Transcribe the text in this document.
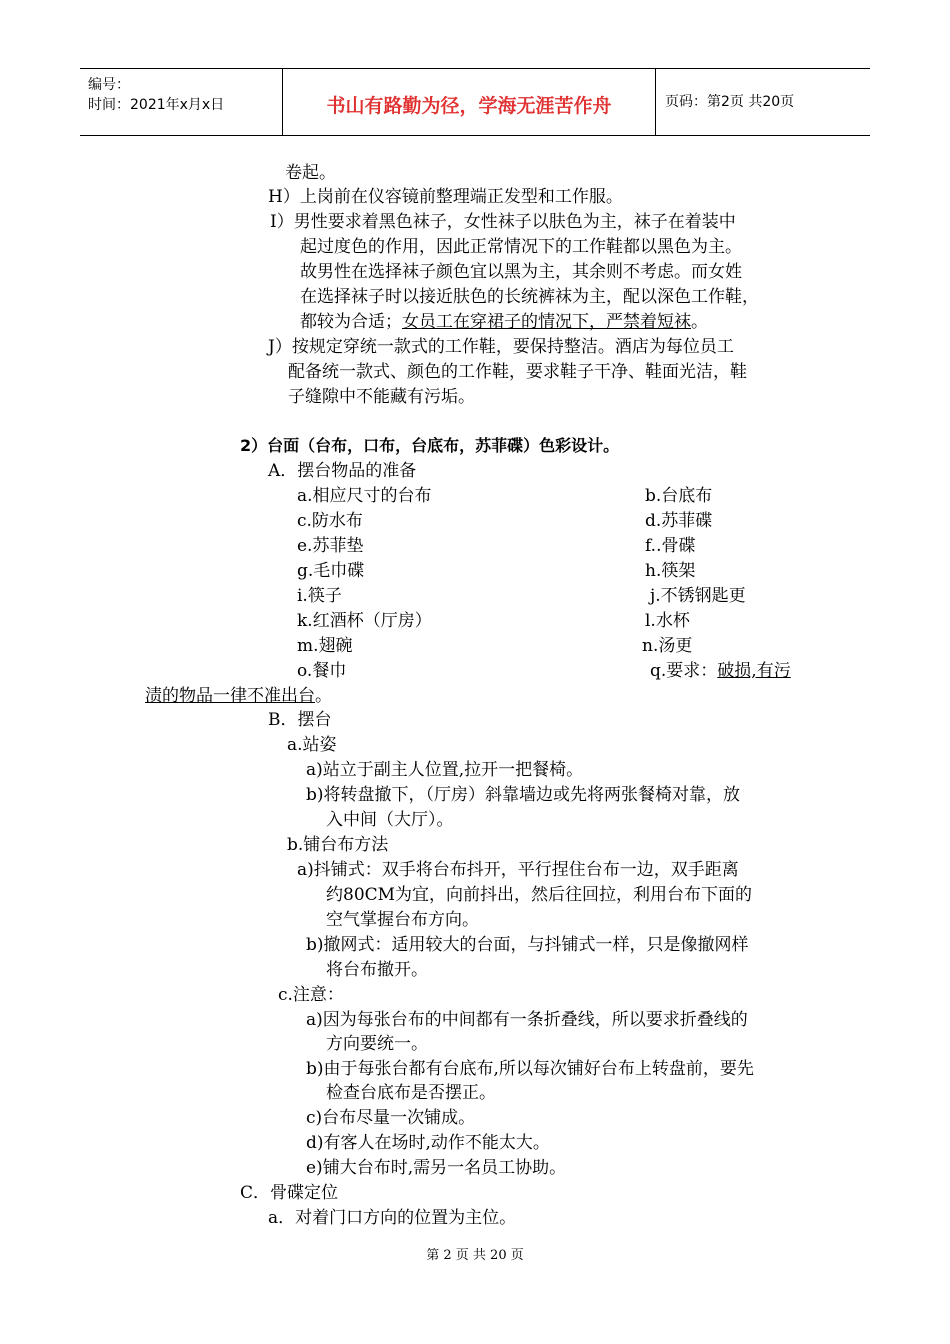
编号：
时间：2021年x月x日	书山有路勤为径，学海无涯苦作舟	页码：第2页 共20页
卷起。
H）上岗前在仪容镜前整理端正发型和工作服。
I）男性要求着黑色袜子，女性袜子以肤色为主，袜子在着装中
起过度色的作用，因此正常情况下的工作鞋都以黑色为主。
故男性在选择袜子颜色宜以黑为主，其余则不考虑。而女姓
在选择袜子时以接近肤色的长统裤袜为主，配以深色工作鞋，
都较为合适；女员工在穿裙子的情况下，严禁着短袜。
J）按规定穿统一款式的工作鞋，要保持整洁。酒店为每位员工
配备统一款式、颜色的工作鞋，要求鞋子干净、鞋面光洁，鞋
子缝隙中不能藏有污垢。
2）台面（台布，口布，台底布，苏菲碟）色彩设计。
A．摆台物品的准备
a.相应尺寸的台布	b.台底布
c.防水布	d.苏菲碟
e.苏菲垫	f..骨碟
g.毛巾碟	h.筷架
i.筷子	j.不锈钢匙更
k.红酒杯（厅房）	l.水杯
m.翅碗	n.汤更
o.餐巾	q.要求：破损,有污
渍的物品一律不准出台。
B．摆台
a.站姿
a)站立于副主人位置,拉开一把餐椅。
b)将转盘撤下，（厅房）斜靠墙边或先将两张餐椅对靠，放
入中间（大厅）。
b.铺台布方法
a)抖铺式：双手将台布抖开，平行捏住台布一边，双手距离
约80CM为宜，向前抖出，然后往回拉，利用台布下面的
空气掌握台布方向。
b)撤网式：适用较大的台面，与抖铺式一样，只是像撤网样
将台布撤开。
c.注意：
a)因为每张台布的中间都有一条折叠线，所以要求折叠线的
方向要统一。
b)由于每张台都有台底布,所以每次铺好台布上转盘前，要先
检查台底布是否摆正。
c)台布尽量一次铺成。
d)有客人在场时,动作不能太大。
e)铺大台布时,需另一名员工协助。
C．骨碟定位
a．对着门口方向的位置为主位。
第 2 页 共 20 页
